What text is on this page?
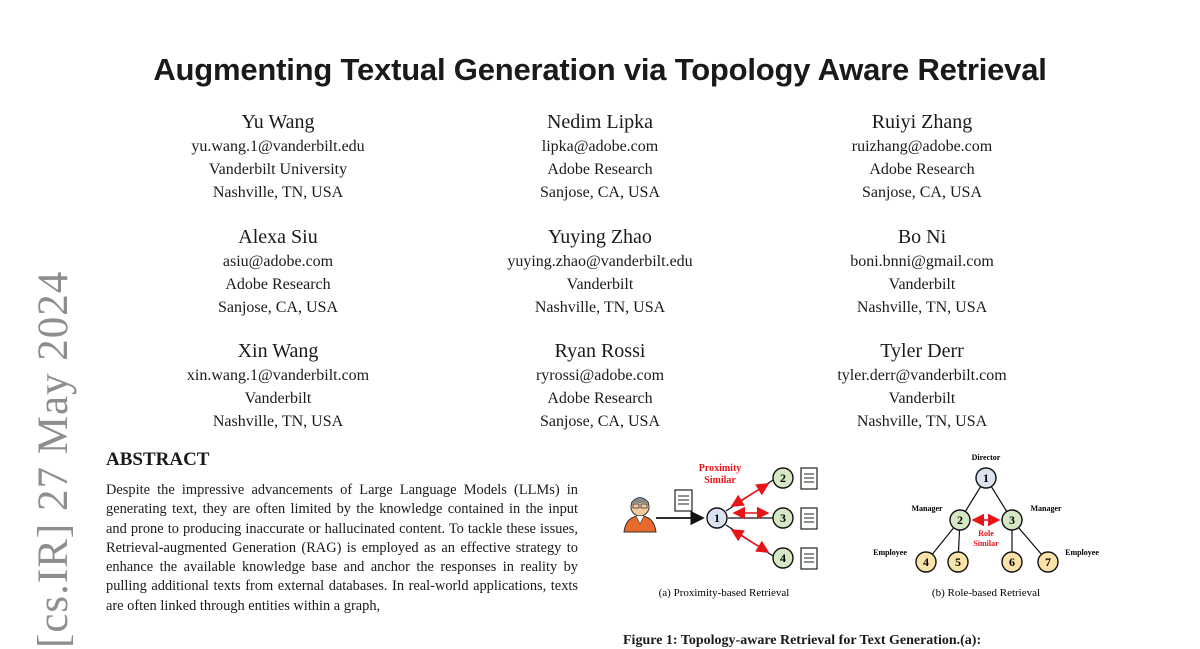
[cs.IR] 27 May 2024
Augmenting Textual Generation via Topology Aware Retrieval
Yu Wang
yu.wang.1@vanderbilt.edu
Vanderbilt University
Nashville, TN, USA
Nedim Lipka
lipka@adobe.com
Adobe Research
Sanjose, CA, USA
Ruiyi Zhang
ruizhang@adobe.com
Adobe Research
Sanjose, CA, USA
Alexa Siu
asiu@adobe.com
Adobe Research
Sanjose, CA, USA
Yuying Zhao
yuying.zhao@vanderbilt.edu
Vanderbilt
Nashville, TN, USA
Bo Ni
boni.bnni@gmail.com
Vanderbilt
Nashville, TN, USA
Xin Wang
xin.wang.1@vanderbilt.com
Vanderbilt
Nashville, TN, USA
Ryan Rossi
ryrossi@adobe.com
Adobe Research
Sanjose, CA, USA
Tyler Derr
tyler.derr@vanderbilt.com
Vanderbilt
Nashville, TN, USA
ABSTRACT

Despite the impressive advancements of Large Language Models (LLMs) in generating text, they are often limited by the knowledge contained in the input and prone to producing inaccurate or hallucinated content. To tackle these issues, Retrieval-augmented Generation (RAG) is employed as an effective strategy to enhance the available knowledge base and anchor the responses in reality by pulling additional texts from external databases. In real-world applications, texts are often linked through entities within a graph,

Proximity
Similar
1
2
3
4
(a) Proximity-based Retrieval
Director
Manager	Manager
Employee	Employee
Role
Similar
1
2	3
4 5	6	7
(b) Role-based Retrieval

Figure 1: Topology-aware Retrieval for Text Generation.(a):
